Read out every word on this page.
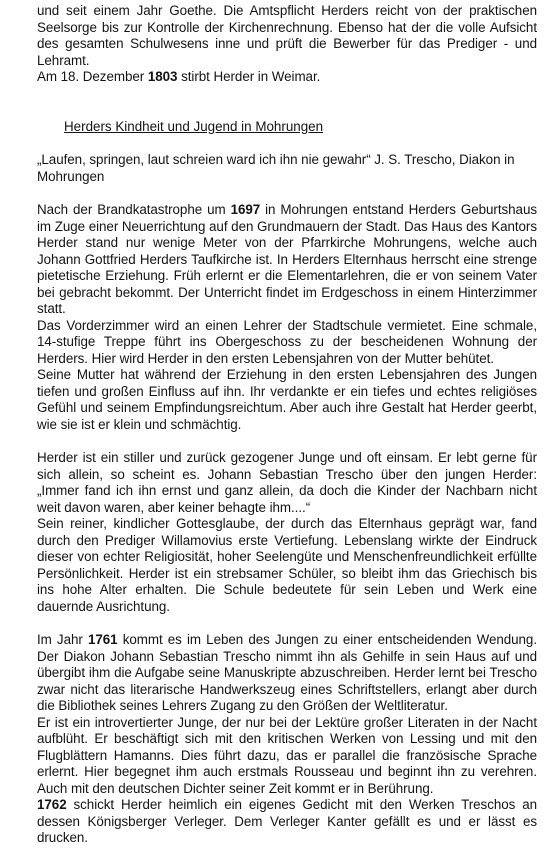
und seit einem Jahr Goethe. Die Amtspflicht Herders reicht von der praktischen Seelsorge bis zur Kontrolle der Kirchenrechnung. Ebenso hat der die volle Aufsicht des gesamten Schulwesens inne und prüft die Bewerber für das Prediger - und Lehramt.

Am 18. Dezember 1803 stirbt Herder in Weimar.

Herders Kindheit und Jugend in Mohrungen

„Laufen, springen, laut schreien ward ich ihn nie gewahr“ J. S. Trescho, Diakon in Mohrungen

Nach der Brandkatastrophe um 1697 in Mohrungen entstand Herders Geburtshaus im Zuge einer Neuerrichtung auf den Grundmauern der Stadt. Das Haus des Kantors Herder stand nur wenige Meter von der Pfarrkirche Mohrungens, welche auch Johann Gottfried Herders Taufkirche ist. In Herders Elternhaus herrscht eine strenge pietetische Erziehung. Früh erlernt er die Elementarlehren, die er von seinem Vater bei gebracht bekommt. Der Unterricht findet im Erdgeschoss in einem Hinterzimmer statt.

Das Vorderzimmer wird an einen Lehrer der Stadtschule vermietet. Eine schmale, 14-stufige Treppe führt ins Obergeschoss zu der bescheidenen Wohnung der Herders. Hier wird Herder in den ersten Lebensjahren von der Mutter behütet.

Seine Mutter hat während der Erziehung in den ersten Lebensjahren des Jungen tiefen und großen Einfluss auf ihn. Ihr verdankte er ein tiefes und echtes religiöses Gefühl und seinem Empfindungsreichtum. Aber auch ihre Gestalt hat Herder geerbt, wie sie ist er klein und schmächtig.

Herder ist ein stiller und zurück gezogener Junge und oft einsam. Er lebt gerne für sich allein, so scheint es. Johann Sebastian Trescho über den jungen Herder: „Immer fand ich ihn ernst und ganz allein, da doch die Kinder der Nachbarn nicht weit davon waren, aber keiner behagte ihm....“

Sein reiner, kindlicher Gottesglaube, der durch das Elternhaus geprägt war, fand durch den Prediger Willamovius erste Vertiefung. Lebenslang wirkte der Eindruck dieser von echter Religiosität, hoher Seelengüte und Menschenfreundlichkeit erfüllte Persönlichkeit. Herder ist ein strebsamer Schüler, so bleibt ihm das Griechisch bis ins hohe Alter erhalten. Die Schule bedeutete für sein Leben und Werk eine dauernde Ausrichtung.

Im Jahr 1761 kommt es im Leben des Jungen zu einer entscheidenden Wendung. Der Diakon Johann Sebastian Trescho nimmt ihn als Gehilfe in sein Haus auf und übergibt ihm die Aufgabe seine Manuskripte abzuschreiben. Herder lernt bei Trescho zwar nicht das literarische Handwerkszeug eines Schriftstellers, erlangt aber durch die Bibliothek seines Lehrers Zugang zu den Größen der Weltliteratur.

Er ist ein introvertierter Junge, der nur bei der Lektüre großer Literaten in der Nacht aufblüht. Er beschäftigt sich mit den kritischen Werken von Lessing und mit den Flugblättern Hamanns. Dies führt dazu, das er parallel die französische Sprache erlernt. Hier begegnet ihm auch erstmals Rousseau und beginnt ihn zu verehren. Auch mit den deutschen Dichter seiner Zeit kommt er in Berührung.

1762 schickt Herder heimlich ein eigenes Gedicht mit den Werken Treschos an dessen Königsberger Verleger. Dem Verleger Kanter gefällt es und er lässt es drucken.
